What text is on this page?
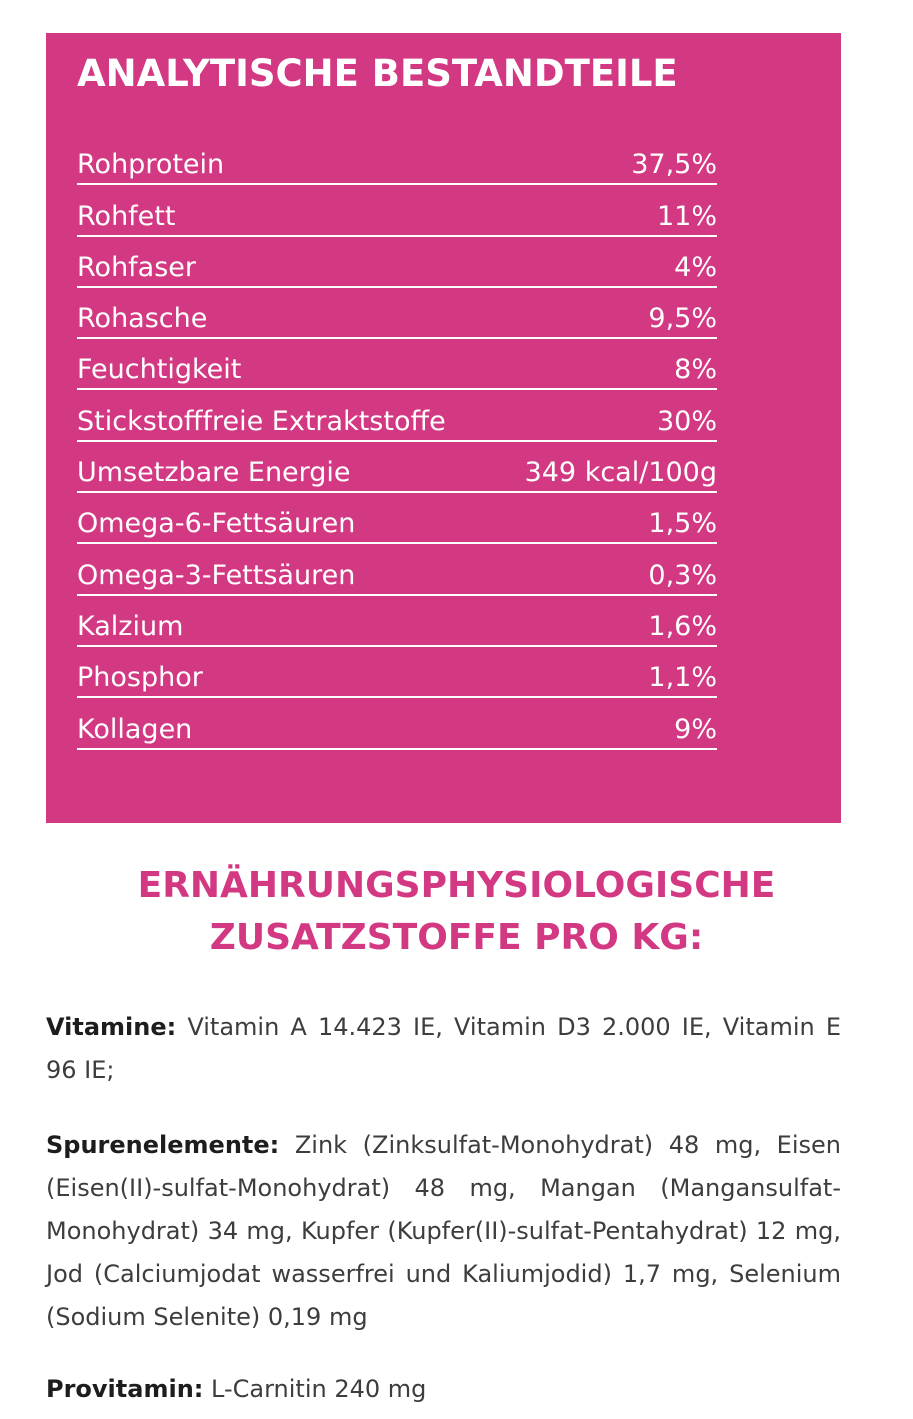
ANALYTISCHE BESTANDTEILE
Rohprotein	37,5%
Rohfett	11%
Rohfaser	4%
Rohasche	9,5%
Feuchtigkeit	8%
Stickstofffreie Extraktstoffe	30%
Umsetzbare Energie	349 kcal/100g
Omega-6-Fettsäuren	1,5%
Omega-3-Fettsäuren	0,3%
Kalzium	1,6%
Phosphor	1,1%
Kollagen	9%
ERNÄHRUNGSPHYSIOLOGISCHE
ZUSATZSTOFFE PRO KG:

Vitamine: Vitamin A 14.423 IE, Vitamin D3 2.000 IE, Vitamin E 96 IE;

Spurenelemente: Zink (Zinksulfat-Monohydrat) 48 mg, Eisen (Eisen(II)-sulfat-Monohydrat) 48 mg, Mangan (Mangansulfat-Monohydrat) 34 mg, Kupfer (Kupfer(II)-sulfat-Pentahydrat) 12 mg, Jod (Calciumjodat wasserfrei und Kaliumjodid) 1,7 mg, Selenium (Sodium Selenite) 0,19 mg

Provitamin: L-Carnitin 240 mg
